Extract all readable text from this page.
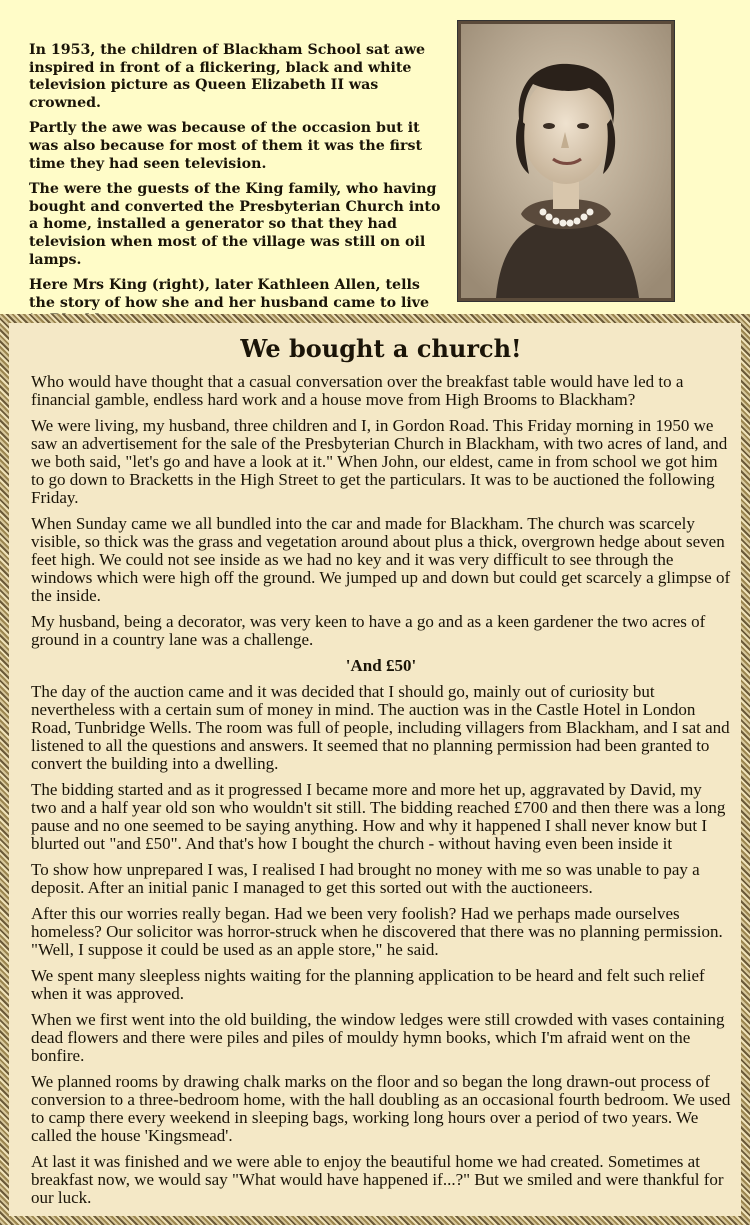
In 1953, the children of Blackham School sat awe inspired in front of a flickering, black and white television picture as Queen Elizabeth II was crowned.

Partly the awe was because of the occasion but it was also because for most of them it was the first time they had seen television.

The were the guests of the King family, who having bought and converted the Presbyterian Church into a home, installed a generator so that they had television when most of the village was still on oil lamps.

Here Mrs King (right), later Kathleen Allen, tells the story of how she and her husband came to live

We bought a church!

Who would have thought that a casual conversation over the breakfast table would have led to a financial gamble, endless hard work and a house move from High Brooms to Blackham?

We were living, my husband, three children and I, in Gordon Road. This Friday morning in 1950 we saw an advertisement for the sale of the Presbyterian Church in Blackham, with two acres of land, and we both said, "let's go and have a look at it." When John, our eldest, came in from school we got him to go down to Bracketts in the High Street to get the particulars. It was to be auctioned the following Friday.

When Sunday came we all bundled into the car and made for Blackham. The church was scarcely visible, so thick was the grass and vegetation around about plus a thick, overgrown hedge about seven feet high. We could not see inside as we had no key and it was very difficult to see through the windows which were high off the ground. We jumped up and down but could get scarcely a glimpse of the inside.

My husband, being a decorator, was very keen to have a go and as a keen gardener the two acres of ground in a country lane was a challenge.

'And £50'

The day of the auction came and it was decided that I should go, mainly out of curiosity but nevertheless with a certain sum of money in mind. The auction was in the Castle Hotel in London Road, Tunbridge Wells. The room was full of people, including villagers from Blackham, and I sat and listened to all the questions and answers. It seemed that no planning permission had been granted to convert the building into a dwelling.

The bidding started and as it progressed I became more and more het up, aggravated by David, my two and a half year old son who wouldn't sit still. The bidding reached £700 and then there was a long pause and no one seemed to be saying anything. How and why it happened I shall never know but I blurted out "and £50". And that's how I bought the church - without having even been inside it

To show how unprepared I was, I realised I had brought no money with me so was unable to pay a deposit. After an initial panic I managed to get this sorted out with the auctioneers.

After this our worries really began. Had we been very foolish? Had we perhaps made ourselves homeless? Our solicitor was horror-struck when he discovered that there was no planning permission. "Well, I suppose it could be used as an apple store," he said.

We spent many sleepless nights waiting for the planning application to be heard and felt such relief when it was approved.

When we first went into the old building, the window ledges were still crowded with vases containing dead flowers and there were piles and piles of mouldy hymn books, which I'm afraid went on the bonfire.

We planned rooms by drawing chalk marks on the floor and so began the long drawn-out process of conversion to a three-bedroom home, with the hall doubling as an occasional fourth bedroom. We used to camp there every weekend in sleeping bags, working long hours over a period of two years. We called the house 'Kingsmead'.

At last it was finished and we were able to enjoy the beautiful home we had created. Sometimes at breakfast now, we would say "What would have happened if...?" But we smiled and were thankful for our luck.
